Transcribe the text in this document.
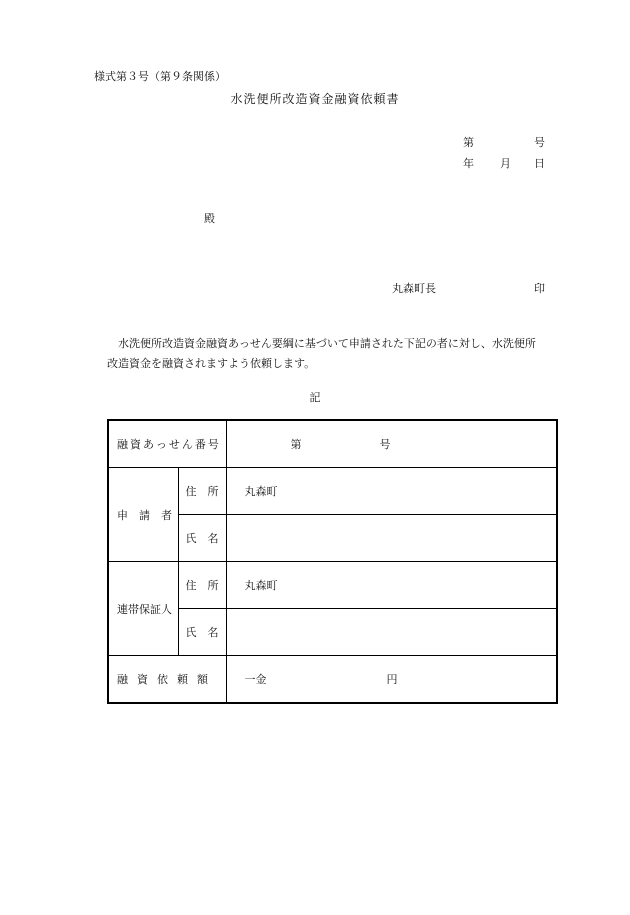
様式第３号（第９条関係）
水洗便所改造資金融資依頼書
第	号
年 月 日
殿
丸森町長	印

水洗便所改造資金融資あっせん要綱に基づいて申請された下記の者に対し、水洗便所

改造資金を融資されますよう依頼します。

記
融資あっせん番号		第 号
申　請　者	住　所	丸森町
	氏　名	
連帯保証人	住　所	丸森町
	氏　名	
融資依頼額		一金 円
